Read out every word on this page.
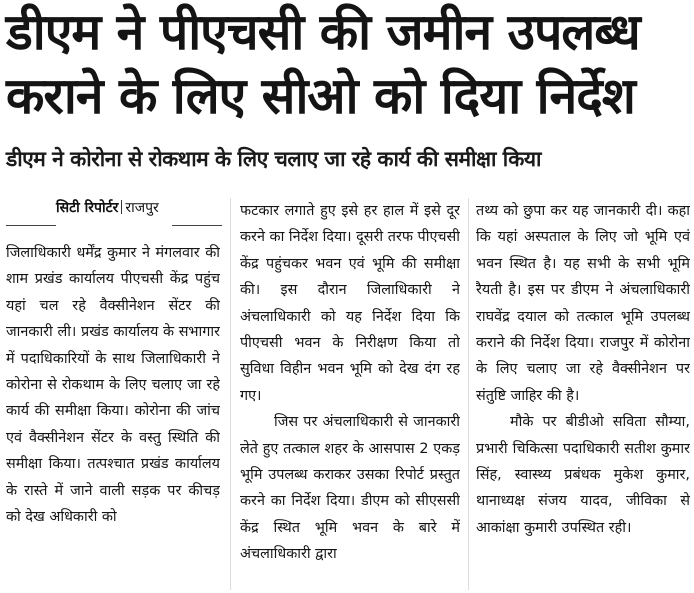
डीएम ने पीएचसी की जमीन उपलब्ध कराने के लिए सीओ को दिया निर्देश
डीएम ने कोरोना से रोकथाम के लिए चलाए जा रहे कार्य की समीक्षा किया
सिटी रिपोर्टर राजपुर

जिलाधिकारी धर्मेंद्र कुमार ने मंगलवार की शाम प्रखंड कार्यालय पीएचसी केंद्र पहुंच यहां चल रहे वैक्सीनेशन सेंटर की जानकारी ली। प्रखंड कार्यालय के सभागार में पदाधिकारियों के साथ जिलाधिकारी ने कोरोना से रोकथाम के लिए चलाए जा रहे कार्य की समीक्षा किया। कोरोना की जांच एवं वैक्सीनेशन सेंटर के वस्तु स्थिति की समीक्षा किया। तत्पश्चात प्रखंड कार्यालय के रास्ते में जाने वाली सड़क पर कीचड़ को देख अधिकारी को

फटकार लगाते हुए इसे हर हाल में इसे दूर करने का निर्देश दिया। दूसरी तरफ पीएचसी केंद्र पहुंचकर भवन एवं भूमि की समीक्षा की। इस दौरान जिलाधिकारी ने अंचलाधिकारी को यह निर्देश दिया कि पीएचसी भवन के निरीक्षण किया तो सुविधा विहीन भवन भूमि को देख दंग रह गए।

जिस पर अंचलाधिकारी से जानकारी लेते हुए तत्काल शहर के आसपास 2 एकड़ भूमि उपलब्ध कराकर उसका रिपोर्ट प्रस्तुत करने का निर्देश दिया। डीएम को सीएससी केंद्र स्थित भूमि भवन के बारे में अंचलाधिकारी द्वारा

तथ्य को छुपा कर यह जानकारी दी। कहा कि यहां अस्पताल के लिए जो भूमि एवं भवन स्थित है। यह सभी के सभी भूमि रैयती है। इस पर डीएम ने अंचलाधिकारी राघवेंद्र दयाल को तत्काल भूमि उपलब्ध कराने की निर्देश दिया। राजपुर में कोरोना के लिए चलाए जा रहे वैक्सीनेशन पर संतुष्टि जाहिर की है।

मौके पर बीडीओ सविता सौम्या, प्रभारी चिकित्सा पदाधिकारी सतीश कुमार सिंह, स्वास्थ्य प्रबंधक मुकेश कुमार, थानाध्यक्ष संजय यादव, जीविका से आकांक्षा कुमारी उपस्थित रही।
